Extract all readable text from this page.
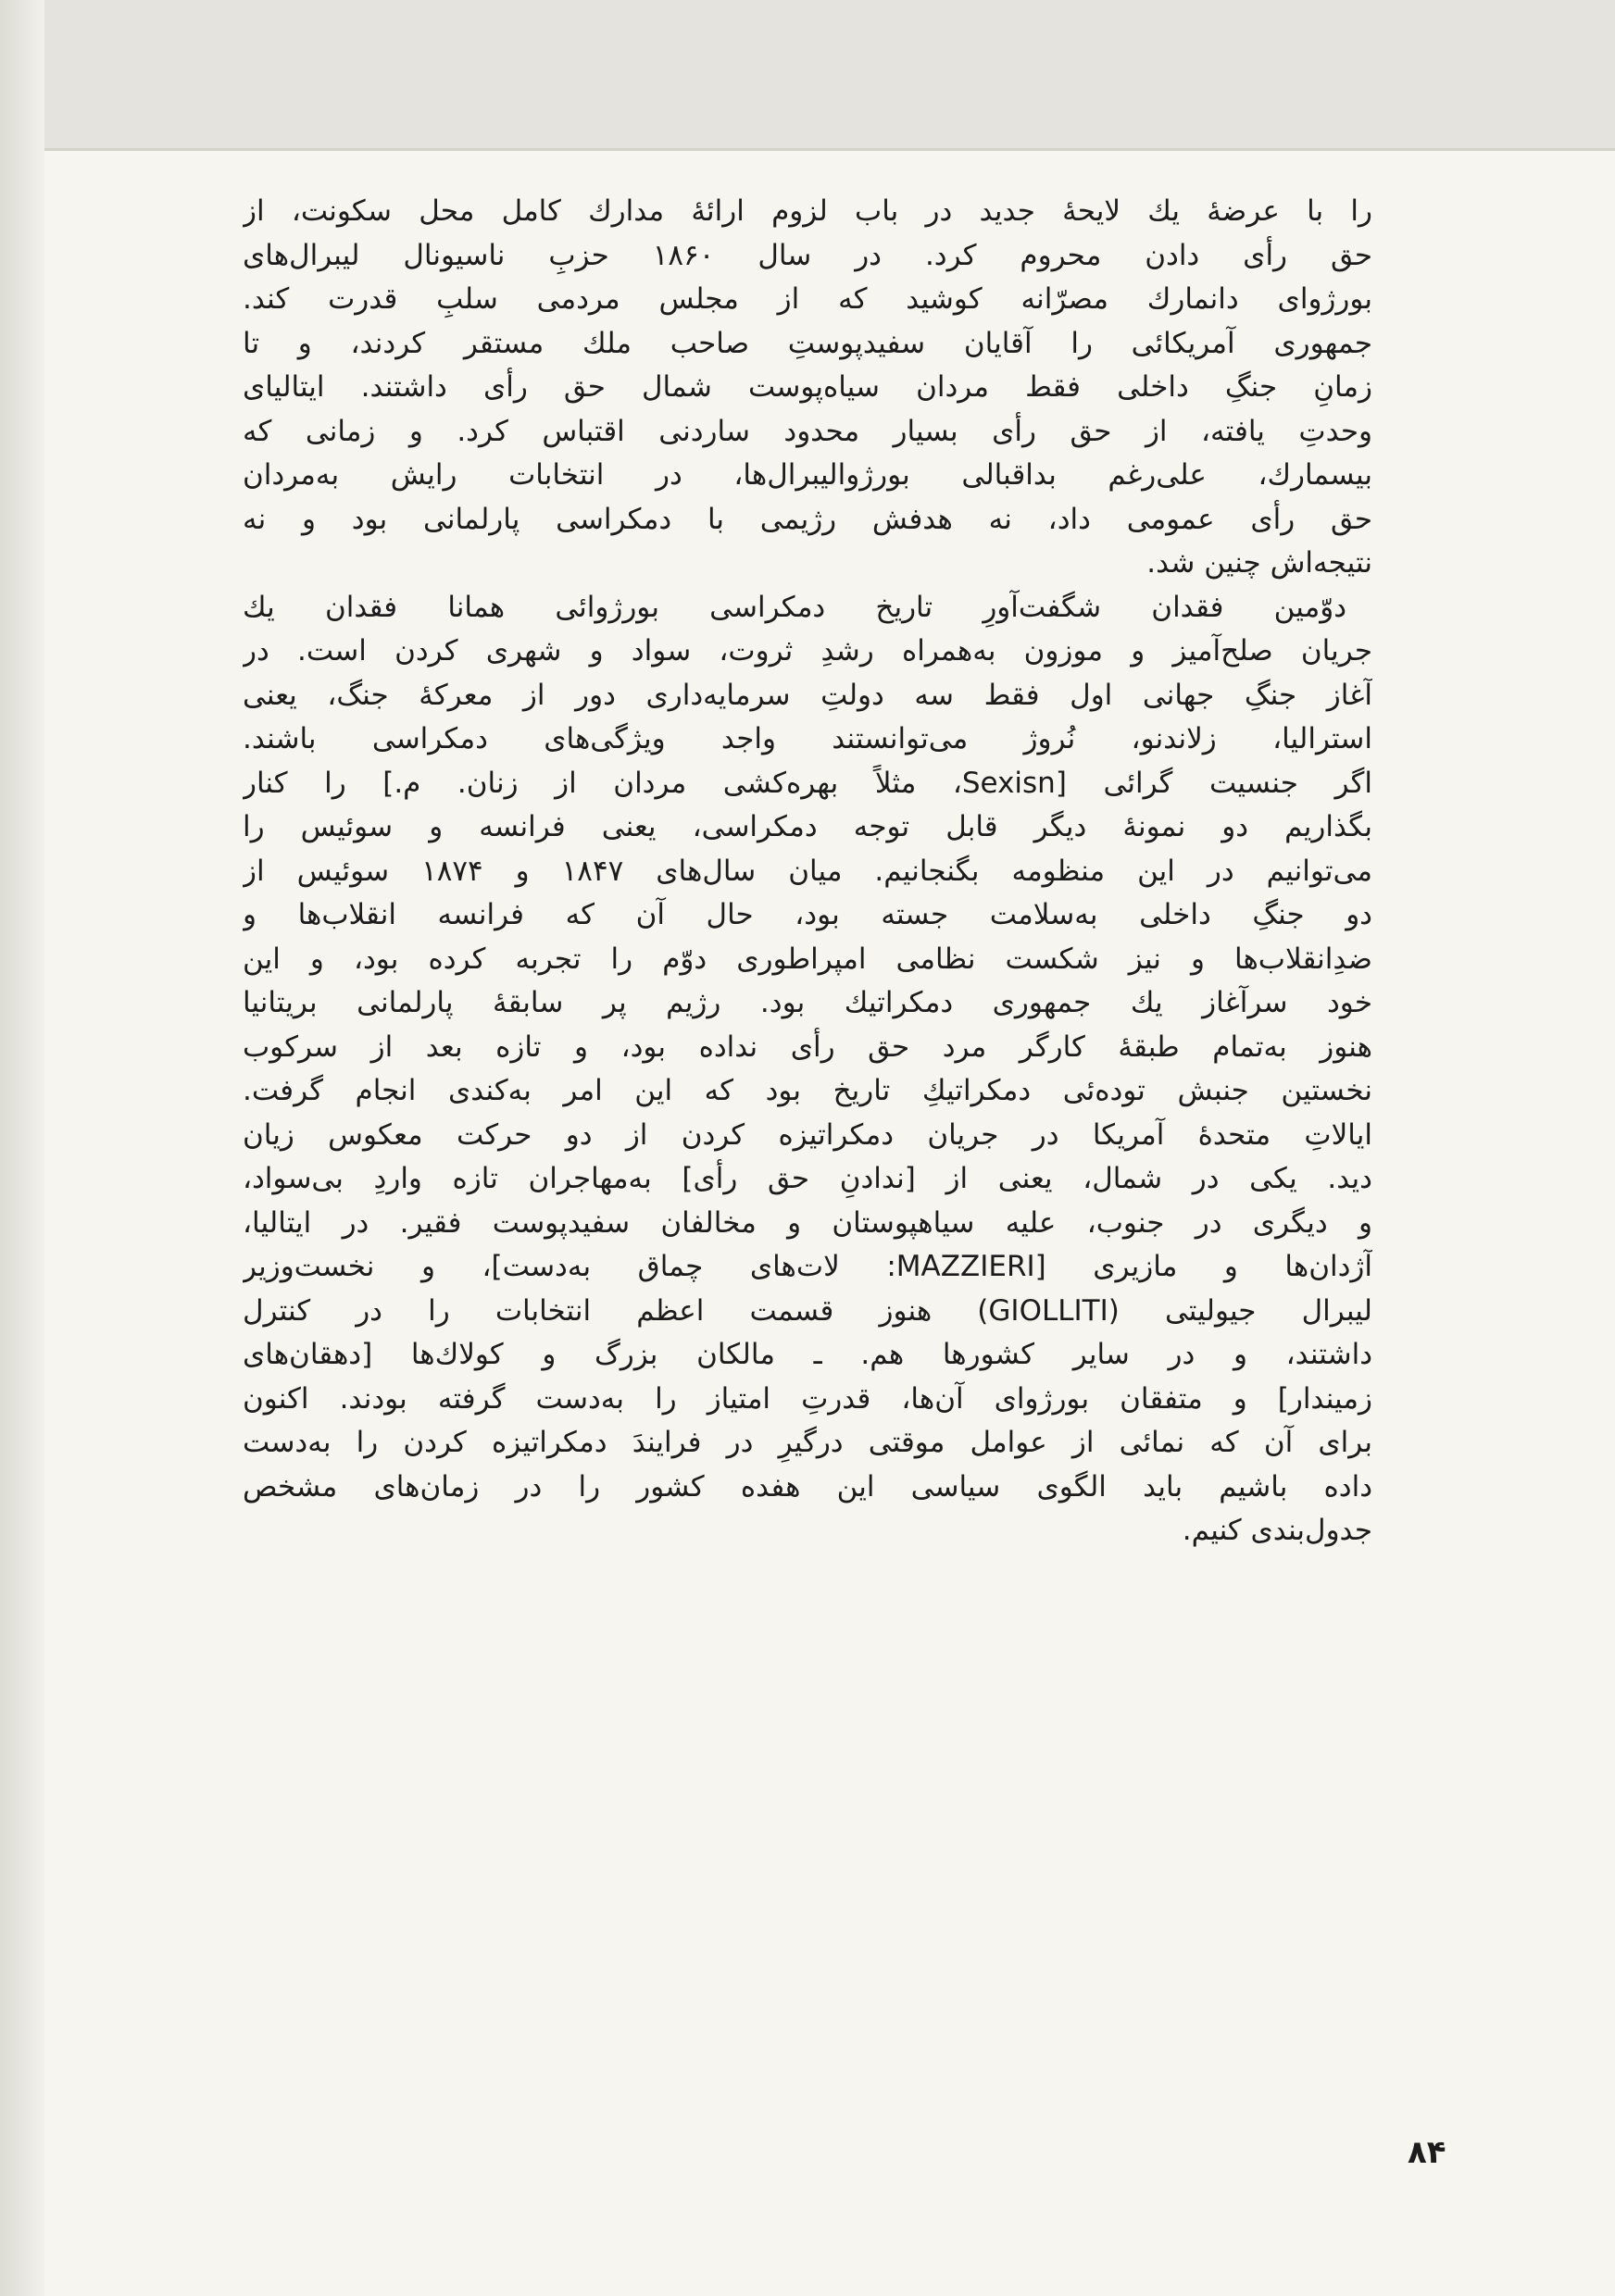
را با عرضهٔ یك لایحهٔ جدید در باب لزوم ارائهٔ مدارك كامل محل سكونت، از
حق رأی دادن محروم كرد. در سال ۱۸۶۰ حزبِ ناسیونال لیبرال‌های
بورژوای دانمارك مصرّانه كوشید كه از مجلس مردمی سلبِ قدرت كند.
جمهوری آمریكائی را آقایان سفیدپوستِ صاحب ملك مستقر كردند، و تا
زمانِ جنگِ داخلی فقط مردان سیاه‌پوست شمال حق رأی داشتند. ایتالیای
وحدتِ یافته، از حق رأی بسیار محدود ساردنی اقتباس كرد. و زمانی كه
بیسمارك، علی‌رغم بداقبالی بورژوالیبرال‌ها، در انتخابات رایش به‌مردان
حق رأی عمومی داد، نه هدفش رژیمی با دمكراسی پارلمانی بود و نه
نتیجه‌اش چنین شد.
دوّمین فقدان شگفت‌آورِ تاریخ دمكراسی بورژوائی همانا فقدان یك
جریان صلح‌آمیز و موزون به‌همراه رشدِ ثروت، سواد و شهری كردن است. در
آغاز جنگِ جهانی اول فقط سه دولتِ سرمایه‌داری دور از معركهٔ جنگ، یعنی
استرالیا، زلاندنو، نُروژ می‌توانستند واجد ویژگی‌های دمكراسی باشند.
اگر جنسیت گرائی [Sexisn، مثلاً بهره‌كشی مردان از زنان. م.] را كنار
بگذاریم دو نمونهٔ دیگر قابل توجه دمكراسی، یعنی فرانسه و سوئیس را
می‌توانیم در این منظومه بگنجانیم. میان سال‌های ۱۸۴۷ و ۱۸۷۴ سوئیس از
دو جنگِ داخلی به‌سلامت جسته بود، حال آن كه فرانسه انقلاب‌ها و
ضدِانقلاب‌ها و نیز شكست نظامی امپراطوری دوّم را تجربه كرده بود، و این
خود سرآغاز یك جمهوری دمكراتیك بود. رژیم پر سابقهٔ پارلمانی بریتانیا
هنوز به‌تمام طبقهٔ كارگر مرد حق رأی نداده بود، و تازه بعد از سركوب
نخستین جنبش توده‌ئی دمكراتیكِ تاریخ بود كه این امر به‌كندی انجام گرفت.
ایالاتِ متحدهٔ آمریكا در جریان دمكراتیزه كردن از دو حركت معكوس زیان
دید. یكی در شمال، یعنی از [ندادنِ حق رأی] به‌مهاجران تازه واردِ بی‌سواد،
و دیگری در جنوب، علیه سیاهپوستان و مخالفان سفیدپوست فقیر. در ایتالیا،
آژدان‌ها و مازیری [MAZZIERI: لات‌های چماق به‌دست]، و نخست‌وزیر
لیبرال جیولیتی (GIOLLITI) هنوز قسمت اعظم انتخابات را در كنترل
داشتند، و در سایر كشورها هم. ـ مالكان بزرگ و كولاك‌ها [دهقان‌های
زمیندار] و متفقان بورژوای آن‌ها، قدرتِ امتیاز را به‌دست گرفته بودند. اكنون
برای آن كه نمائی از عوامل موقتی درگیرِ در فرایندَ دمكراتیزه كردن را به‌دست
داده باشیم باید الگوی سیاسی این هفده كشور را در زمان‌های مشخص
جدول‌بندی كنیم.
۸۴
